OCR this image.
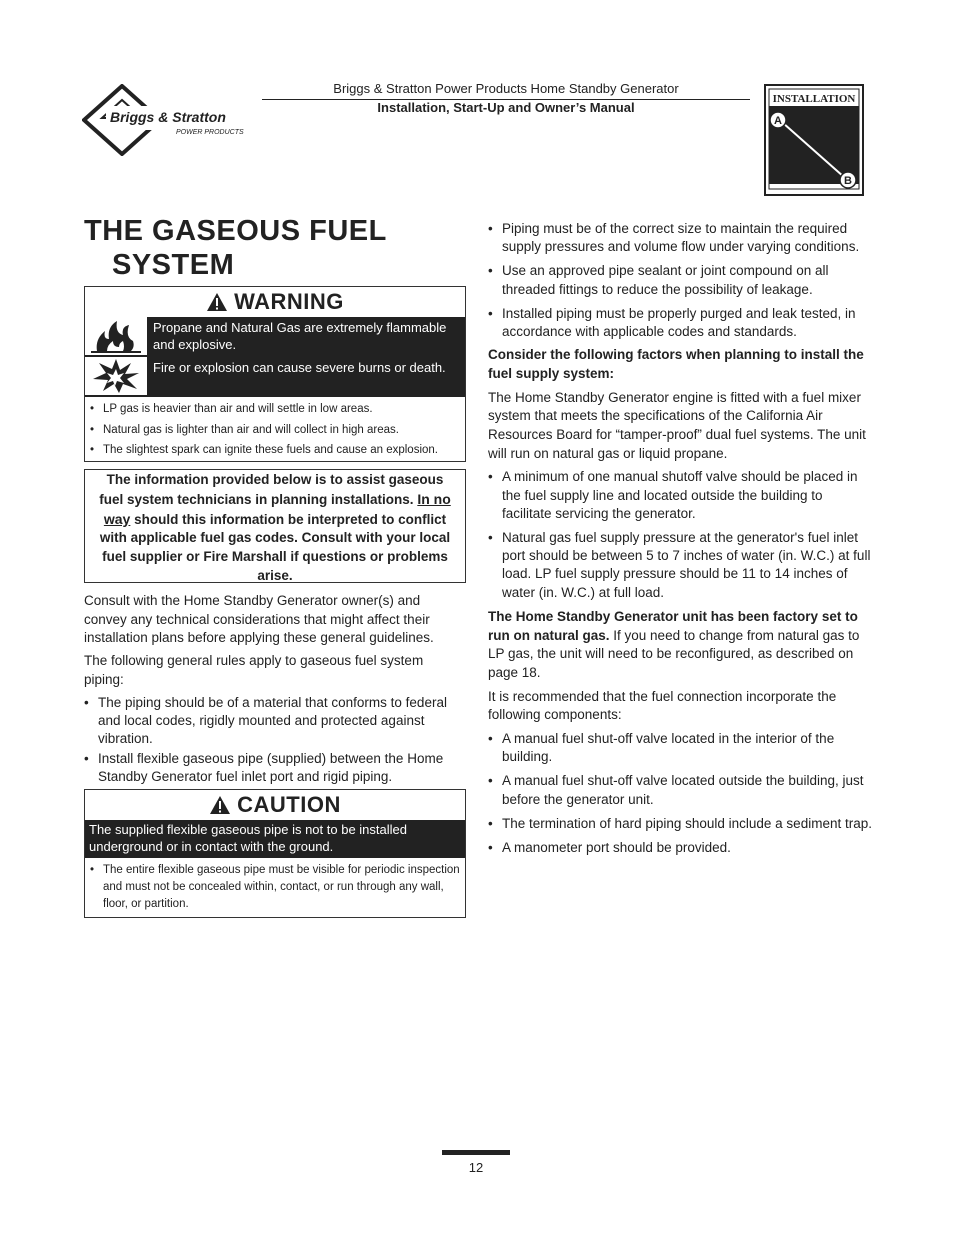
Briggs & Stratton
POWER PRODUCTS
Briggs & Stratton Power Products Home Standby Generator
Installation, Start-Up and Owner’s Manual
INSTALLATION
A
B
THE GASEOUS FUEL
SYSTEM
WARNING
Propane and Natural Gas are extremely flammable and explosive.
Fire or explosion can cause severe burns or death.
• LP gas is heavier than air and will settle in low areas.
• Natural gas is lighter than air and will collect in high areas.
• The slightest spark can ignite these fuels and cause an explosion.

The information provided below is to assist gaseous fuel system technicians in planning installations. In no way should this information be interpreted to conflict with applicable fuel gas codes. Consult with your local fuel supplier or Fire Marshall if questions or problems arise.

Consult with the Home Standby Generator owner(s) and convey any technical considerations that might affect their installation plans before applying these general guidelines.

The following general rules apply to gaseous fuel system piping:

• The piping should be of a material that conforms to federal and local codes, rigidly mounted and protected against vibration.
• Install flexible gaseous pipe (supplied) between the Home Standby Generator fuel inlet port and rigid piping.
CAUTION
The supplied flexible gaseous pipe is not to be installed underground or in contact with the ground.
• The entire flexible gaseous pipe must be visible for periodic inspection and must not be concealed within, contact, or run through any wall, floor, or partition.
• Piping must be of the correct size to maintain the required supply pressures and volume flow under varying conditions.
• Use an approved pipe sealant or joint compound on all threaded fittings to reduce the possibility of leakage.
• Installed piping must be properly purged and leak tested, in accordance with applicable codes and standards.

Consider the following factors when planning to install the fuel supply system:

The Home Standby Generator engine is fitted with a fuel mixer system that meets the specifications of the California Air Resources Board for “tamper-proof” dual fuel systems. The unit will run on natural gas or liquid propane.

• A minimum of one manual shutoff valve should be placed in the fuel supply line and located outside the building to facilitate servicing the generator.
• Natural gas fuel supply pressure at the generator's fuel inlet port should be between 5 to 7 inches of water (in. W.C.) at full load. LP fuel supply pressure should be 11 to 14 inches of water (in. W.C.) at full load.

The Home Standby Generator unit has been factory set to run on natural gas. If you need to change from natural gas to LP gas, the unit will need to be reconfigured, as described on page 18.

It is recommended that the fuel connection incorporate the following components:

• A manual fuel shut-off valve located in the interior of the building.
• A manual fuel shut-off valve located outside the building, just before the generator unit.
• The termination of hard piping should include a sediment trap.
• A manometer port should be provided.
12
